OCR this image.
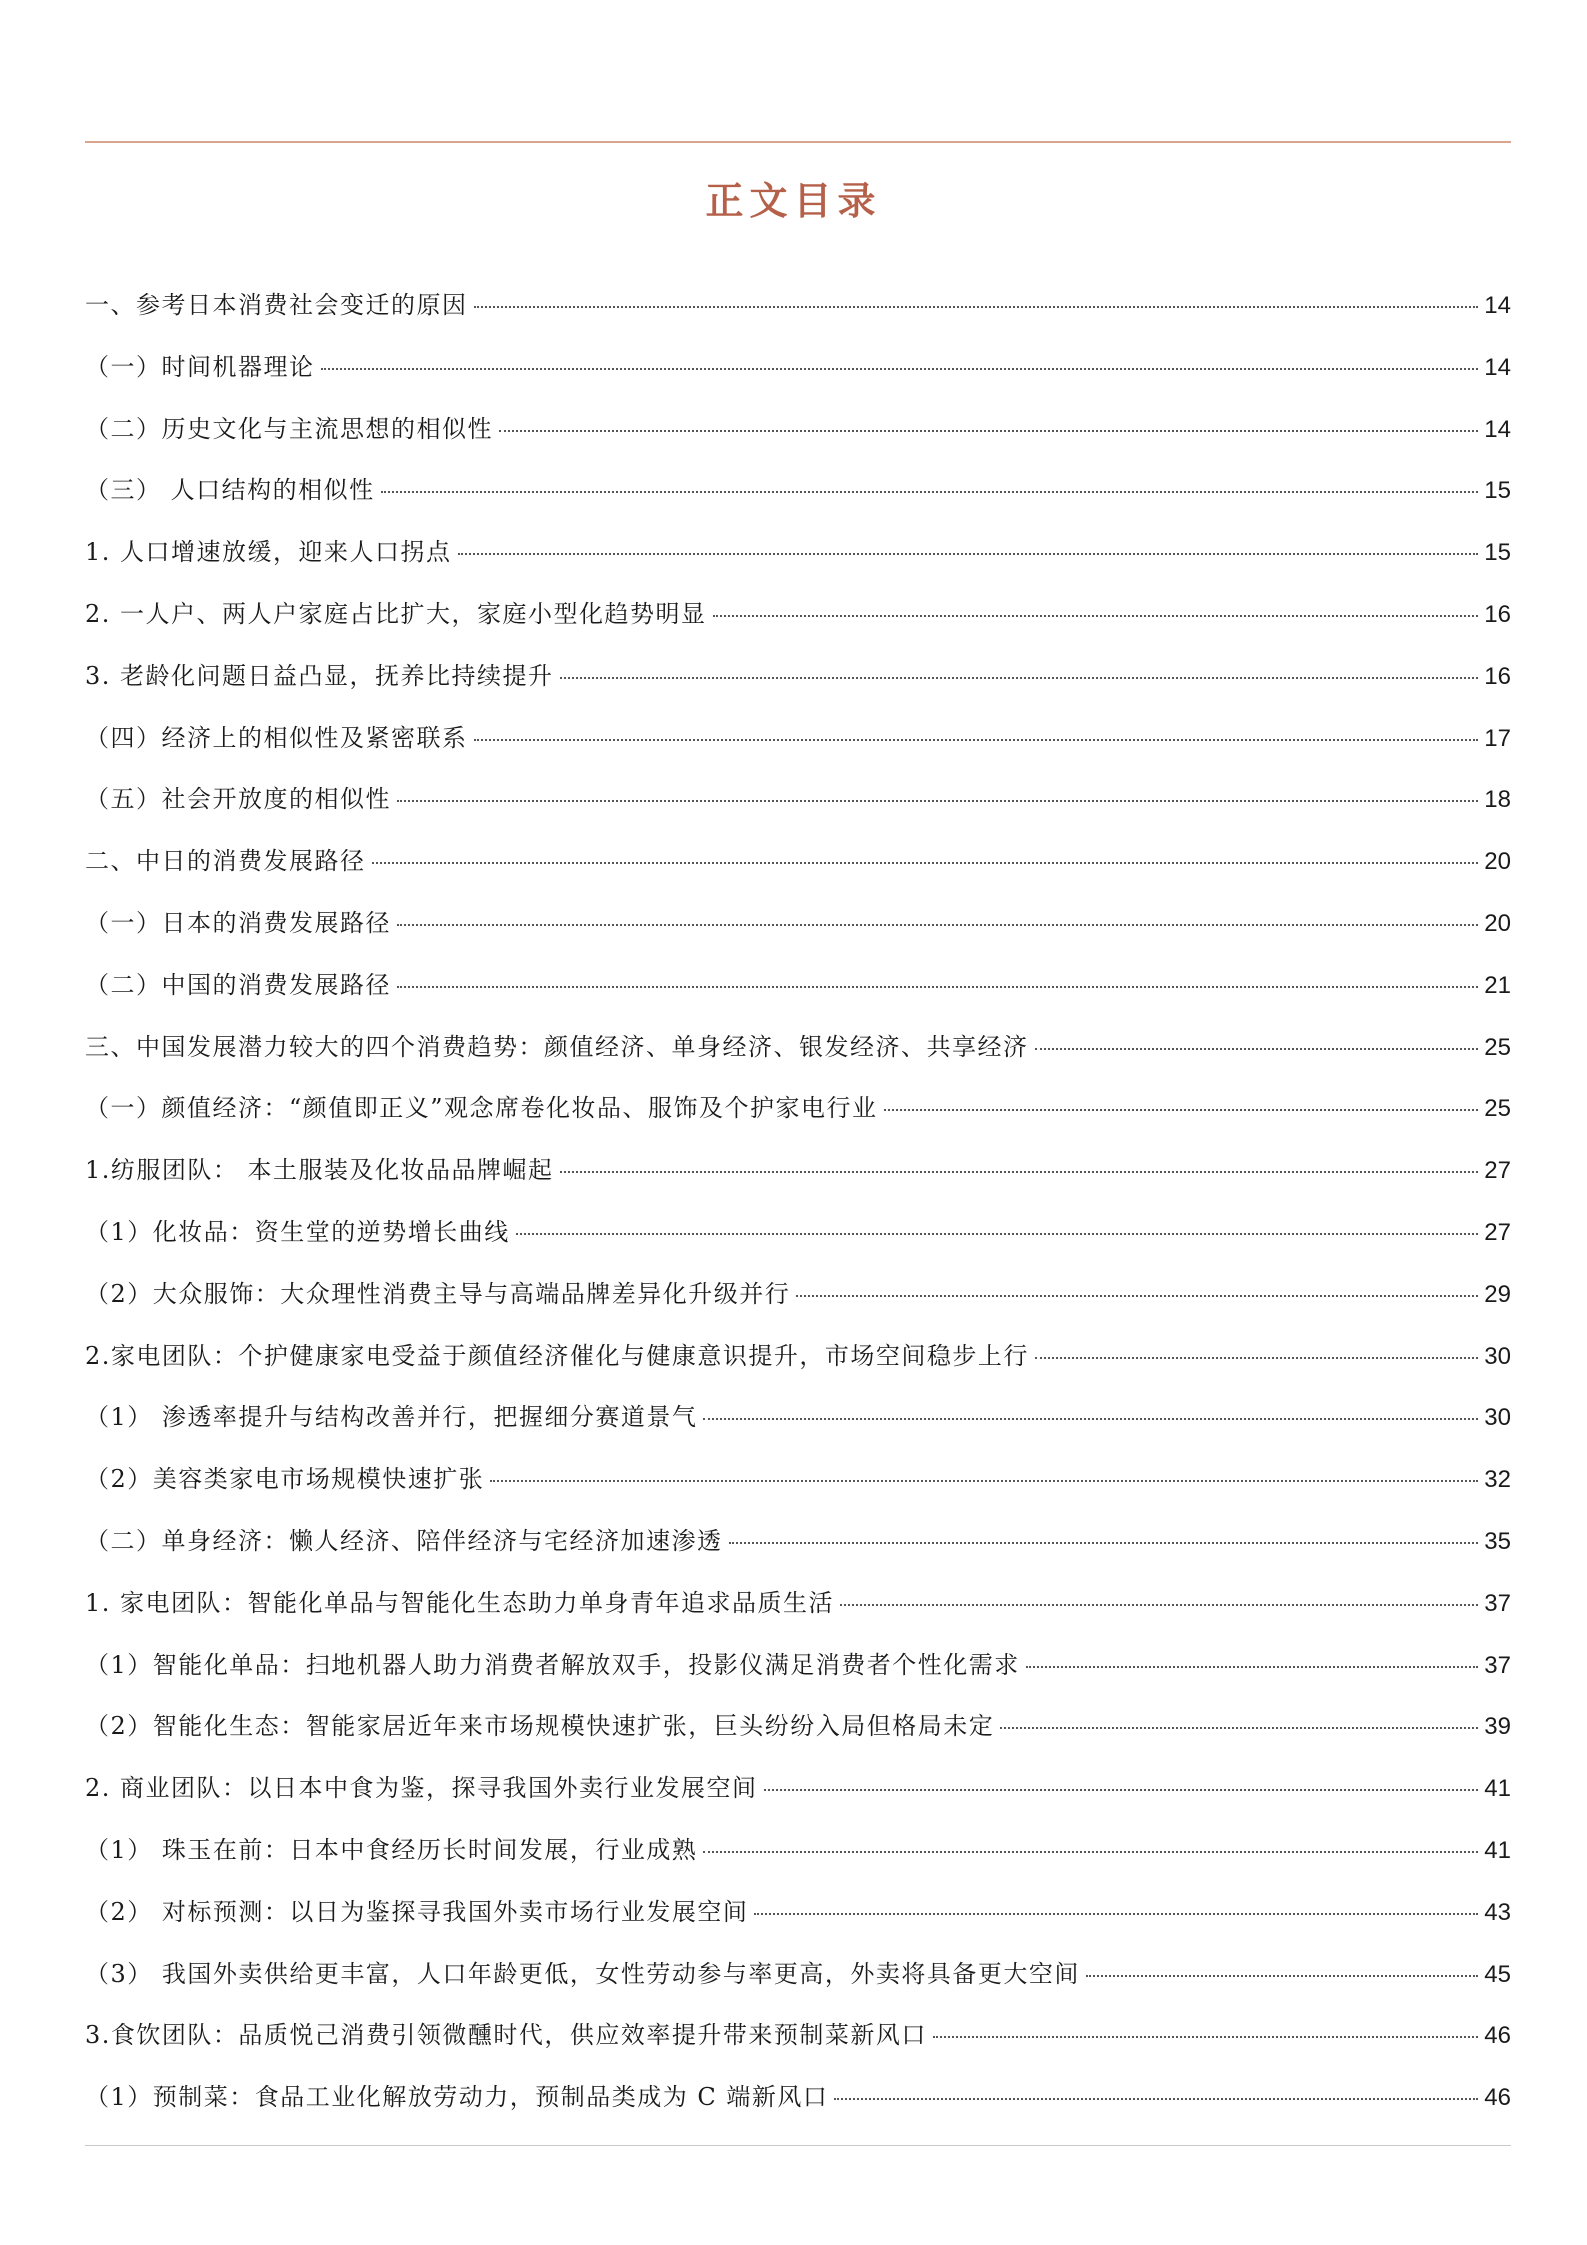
正文目录
一、参考日本消费社会变迁的原因	14
（一）时间机器理论	14
（二）历史文化与主流思想的相似性	14
（三） 人口结构的相似性	15
1. 人口增速放缓，迎来人口拐点	15
2. 一人户、两人户家庭占比扩大，家庭小型化趋势明显	16
3. 老龄化问题日益凸显，抚养比持续提升	16
（四）经济上的相似性及紧密联系	17
（五）社会开放度的相似性	18
二、中日的消费发展路径	20
（一）日本的消费发展路径	20
（二）中国的消费发展路径	21
三、中国发展潜力较大的四个消费趋势：颜值经济、单身经济、银发经济、共享经济	25
（一）颜值经济：“颜值即正义”观念席卷化妆品、服饰及个护家电行业	25
1.纺服团队： 本土服装及化妆品品牌崛起	27
（1）化妆品：资生堂的逆势增长曲线	27
（2）大众服饰：大众理性消费主导与高端品牌差异化升级并行	29
2.家电团队：个护健康家电受益于颜值经济催化与健康意识提升，市场空间稳步上行	30
（1） 渗透率提升与结构改善并行，把握细分赛道景气	30
（2）美容类家电市场规模快速扩张	32
（二）单身经济：懒人经济、陪伴经济与宅经济加速渗透	35
1. 家电团队：智能化单品与智能化生态助力单身青年追求品质生活	37
（1）智能化单品：扫地机器人助力消费者解放双手，投影仪满足消费者个性化需求	37
（2）智能化生态：智能家居近年来市场规模快速扩张，巨头纷纷入局但格局未定	39
2. 商业团队：以日本中食为鉴，探寻我国外卖行业发展空间	41
（1） 珠玉在前：日本中食经历长时间发展，行业成熟	41
（2） 对标预测：以日为鉴探寻我国外卖市场行业发展空间	43
（3） 我国外卖供给更丰富，人口年龄更低，女性劳动参与率更高，外卖将具备更大空间	45
3.食饮团队：品质悦己消费引领微醺时代，供应效率提升带来预制菜新风口	46
（1）预制菜：食品工业化解放劳动力，预制品类成为 C 端新风口	46
